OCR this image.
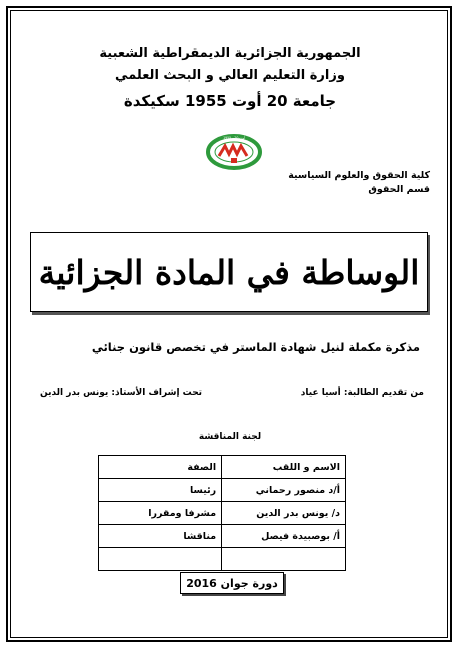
الجمهورية الجزائرية الديمقراطية الشعبية
وزارة التعليم العالي و البحث العلمي
جامعة 20 أوت 1955 سكيكدة
1955 - 20 أوت
كلية الحقوق والعلوم السياسية
قسم الحقوق
الوساطة في المادة الجزائية
مذكرة مكملة لنيل شهادة الماستر في تخصص قانون جنائي
من تقديم الطالبة: أسيا عياد
تحت إشراف الأستاذ: يونس بدر الدين
لجنة المناقشة
الاسم و اللقب	الصفة
أ/د منصور رحماني	رئيسا
د/ يونس بدر الدين	مشرفا ومقررا
أ/ بوصبيدة فيصل	مناقشا

دورة جوان 2016
